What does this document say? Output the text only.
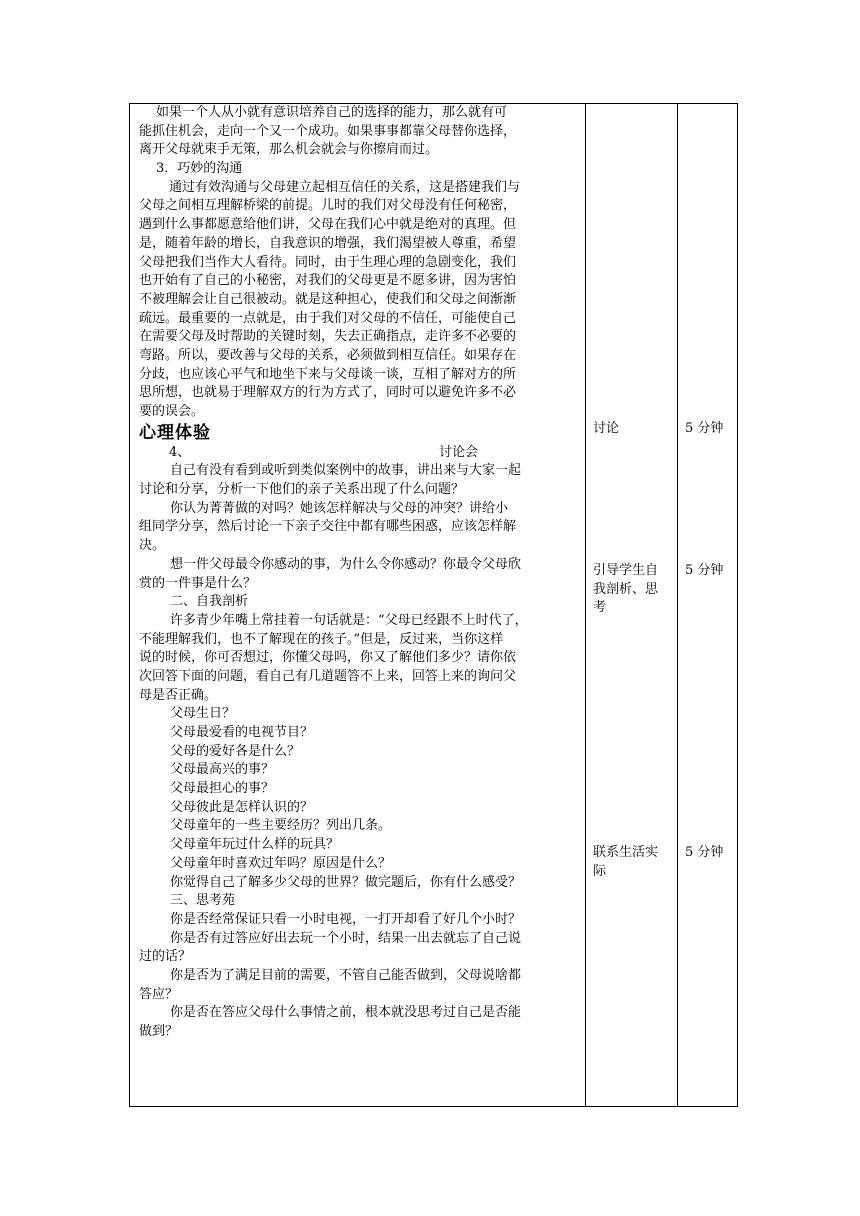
如果一个人从小就有意识培养自己的选择的能力，那么就有可
能抓住机会，走向一个又一个成功。如果事事都靠父母替你选择，
离开父母就束手无策，那么机会就会与你擦肩而过。
3．巧妙的沟通
通过有效沟通与父母建立起相互信任的关系，这是搭建我们与
父母之间相互理解桥梁的前提。儿时的我们对父母没有任何秘密，
遇到什么事都愿意给他们讲，父母在我们心中就是绝对的真理。但
是，随着年龄的增长，自我意识的增强，我们渴望被人尊重，希望
父母把我们当作大人看待。同时，由于生理心理的急剧变化，我们
也开始有了自己的小秘密，对我们的父母更是不愿多讲，因为害怕
不被理解会让自己很被动。就是这种担心，使我们和父母之间渐渐
疏远。最重要的一点就是，由于我们对父母的不信任，可能使自己
在需要父母及时帮助的关键时刻，失去正确指点，走许多不必要的
弯路。所以，要改善与父母的关系，必须做到相互信任。如果存在
分歧，也应该心平气和地坐下来与父母谈一谈，互相了解对方的所
思所想，也就易于理解双方的行为方式了，同时可以避免许多不必
要的误会。
心理体验
4、	讨论会
自己有没有看到或听到类似案例中的故事，讲出来与大家一起
讨论和分享，分析一下他们的亲子关系出现了什么问题？
你认为菁菁做的对吗？她该怎样解决与父母的冲突？讲给小
组同学分享，然后讨论一下亲子交往中都有哪些困惑，应该怎样解
决。
想一件父母最令你感动的事，为什么令你感动？你最令父母欣
赏的一件事是什么？
二、自我剖析
许多青少年嘴上常挂着一句话就是：“父母已经跟不上时代了，
不能理解我们，也不了解现在的孩子。”但是，反过来，当你这样
说的时候，你可否想过，你懂父母吗，你又了解他们多少？请你依
次回答下面的问题，看自己有几道题答不上来，回答上来的询问父
母是否正确。
父母生日？
父母最爱看的电视节目？
父母的爱好各是什么？
父母最高兴的事？
父母最担心的事？
父母彼此是怎样认识的？
父母童年的一些主要经历？列出几条。
父母童年玩过什么样的玩具？
父母童年时喜欢过年吗？原因是什么？
你觉得自己了解多少父母的世界？做完题后，你有什么感受？
三、思考苑
你是否经常保证只看一小时电视，一打开却看了好几个小时？
你是否有过答应好出去玩一个小时，结果一出去就忘了自己说
过的话？
你是否为了满足目前的需要，不管自己能否做到，父母说啥都
答应？
你是否在答应父母什么事情之前，根本就没思考过自己是否能
做到？
讨论
引导学生自
我剖析、思
考
联系生活实
际
5 分钟
5 分钟
5 分钟
